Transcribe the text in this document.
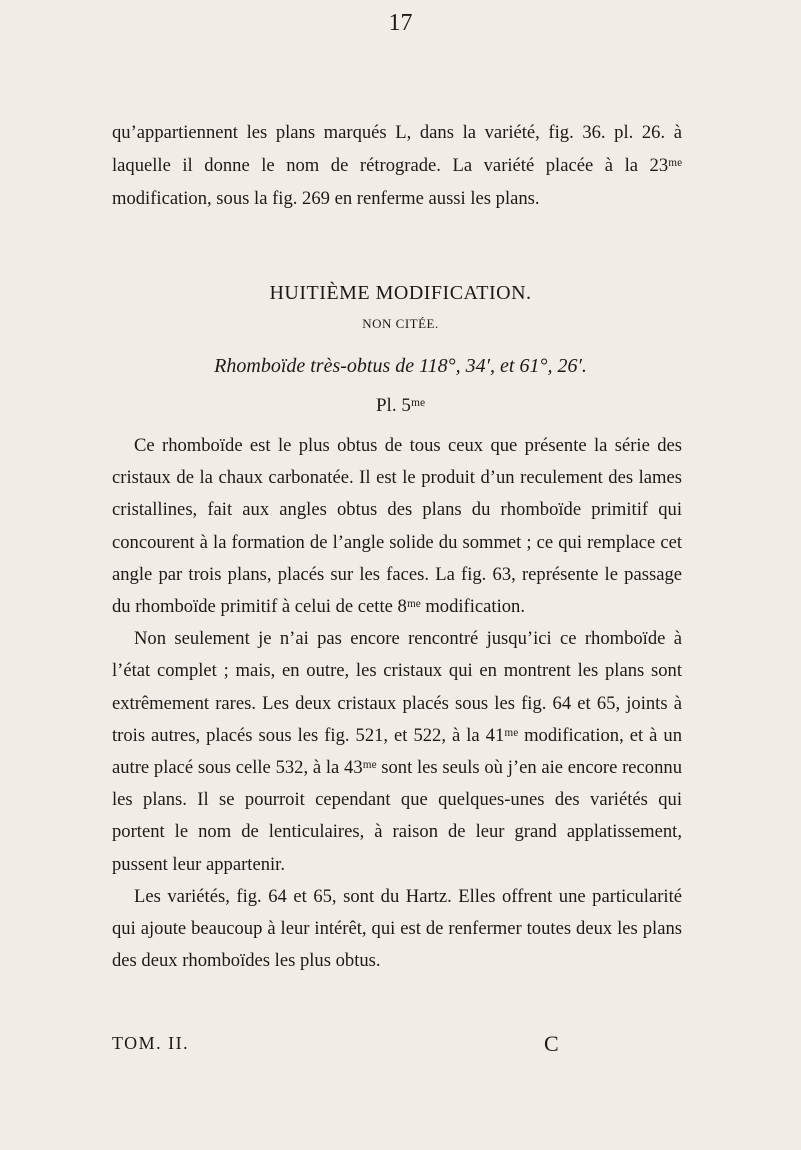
17

qu’appartiennent les plans marqués L, dans la variété, fig. 36. pl. 26. à laquelle il donne le nom de rétrograde. La variété placée à la 23ᵐᵉ modification, sous la fig. 269 en renferme aussi les plans.

HUITIÈME MODIFICATION.
NON CITÉE.
Rhomboïde très-obtus de 118°, 34′, et 61°, 26′.
Pl. 5ᵐᵉ

Ce rhomboïde est le plus obtus de tous ceux que présente la série des cristaux de la chaux carbonatée. Il est le produit d’un reculement des lames cristallines, fait aux angles obtus des plans du rhomboïde primitif qui concourent à la formation de l’angle solide du sommet ; ce qui remplace cet angle par trois plans, placés sur les faces. La fig. 63, représente le passage du rhomboïde primitif à celui de cette 8ᵐᵉ modification.

Non seulement je n’ai pas encore rencontré jusqu’ici ce rhomboïde à l’état complet ; mais, en outre, les cristaux qui en montrent les plans sont extrêmement rares. Les deux cristaux placés sous les fig. 64 et 65, joints à trois autres, placés sous les fig. 521, et 522, à la 41ᵐᵉ modification, et à un autre placé sous celle 532, à la 43ᵐᵉ sont les seuls où j’en aie encore reconnu les plans. Il se pourroit cependant que quelques-unes des variétés qui portent le nom de lenticulaires, à raison de leur grand applatissement, pussent leur appartenir.

Les variétés, fig. 64 et 65, sont du Hartz. Elles offrent une particularité qui ajoute beaucoup à leur intérêt, qui est de renfermer toutes deux les plans des deux rhomboïdes les plus obtus.

TOM. II.	C
